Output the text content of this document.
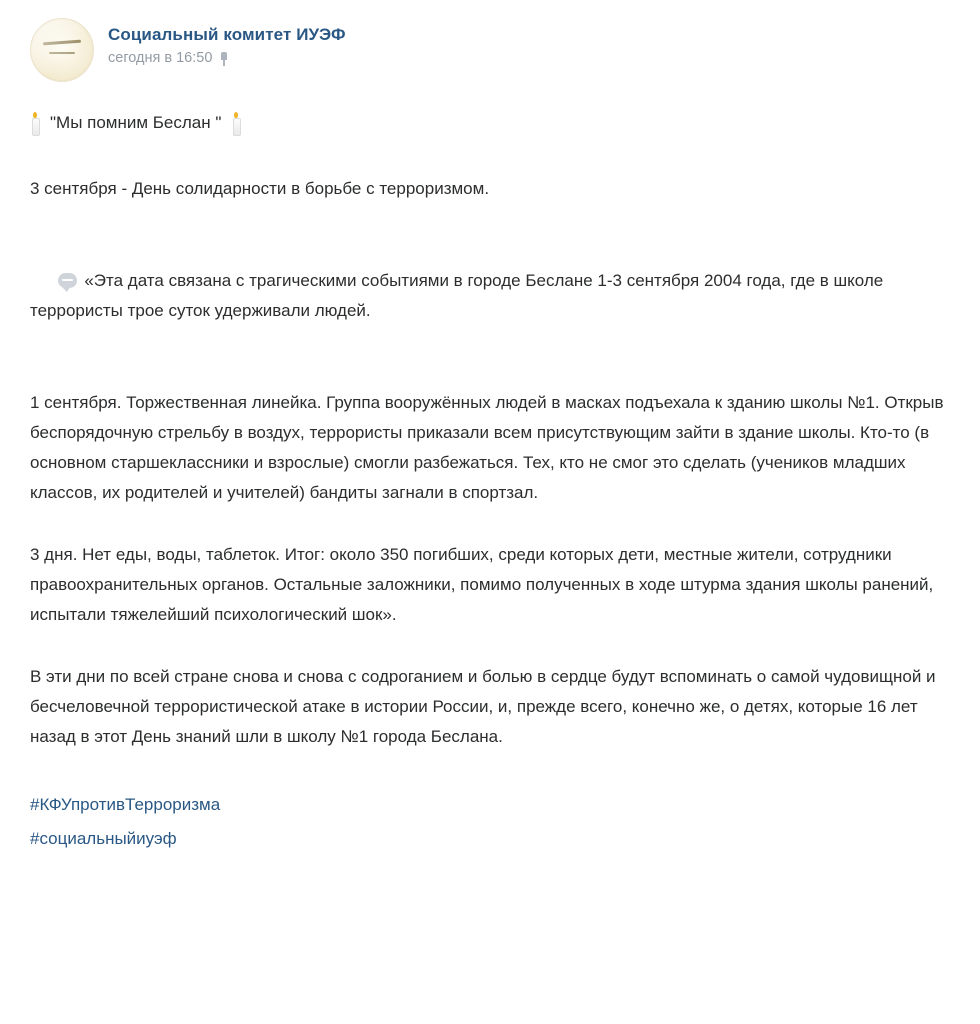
Социальный комитет ИУЭФ
сегодня в 16:50
"Мы помним Беслан "

3 сентября - День солидарности в борьбе с терроризмом.

«Эта дата связана с трагическими событиями в городе Беслане 1-3 сентября 2004 года, где в школе террористы трое суток удерживали людей.

1 сентября. Торжественная линейка. Группа вооружённых людей в масках подъехала к зданию школы №1. Открыв беспорядочную стрельбу в воздух, террористы приказали всем присутствующим зайти в здание школы. Кто-то (в основном старшеклассники и взрослые) смогли разбежаться. Тех, кто не смог это сделать (учеников младших классов, их родителей и учителей) бандиты загнали в спортзал.

3 дня. Нет еды, воды, таблеток. Итог: около 350 погибших, среди которых дети, местные жители, сотрудники правоохранительных органов. Остальные заложники, помимо полученных в ходе штурма здания школы ранений, испытали тяжелейший психологический шок».

В эти дни по всей стране снова и снова с содроганием и болью в сердце будут вспоминать о самой чудовищной и бесчеловечной террористической атаке в истории России, и, прежде всего, конечно же, о детях, которые 16 лет назад в этот День знаний шли в школу №1 города Беслана.

#КФУпротивТерроризма
#социальныйиуэф
